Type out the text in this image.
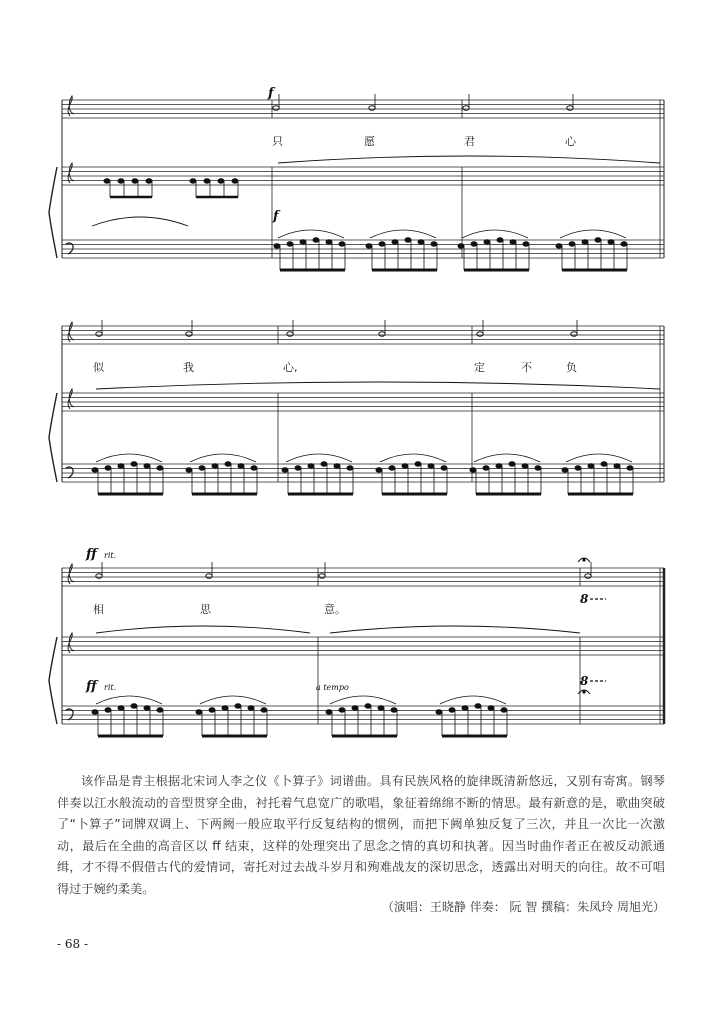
只	愿	君	心
似	我	心,	定	不	负
相	思	意。
f
f
ff rit.
ff rit.	a tempo
8
8

该作品是青主根据北宋词人李之仪《卜算子》词谱曲。具有民族风格的旋律既清新悠远，又别有寄寓。钢琴伴奏以江水般流动的音型贯穿全曲，衬托着气息宽广的歌唱，象征着绵绵不断的情思。最有新意的是，歌曲突破了“卜算子”词牌双调上、下两阙一般应取平行反复结构的惯例，而把下阙单独反复了三次，并且一次比一次激动，最后在全曲的高音区以 ff 结束，这样的处理突出了思念之情的真切和执著。因当时曲作者正在被反动派通缉，才不得不假借古代的爱情词，寄托对过去战斗岁月和殉难战友的深切思念，透露出对明天的向往。故不可唱得过于婉约柔美。

（演唱：王晓静 伴奏： 阮 智 撰稿：朱凤玲 周旭光）
- 68 -
